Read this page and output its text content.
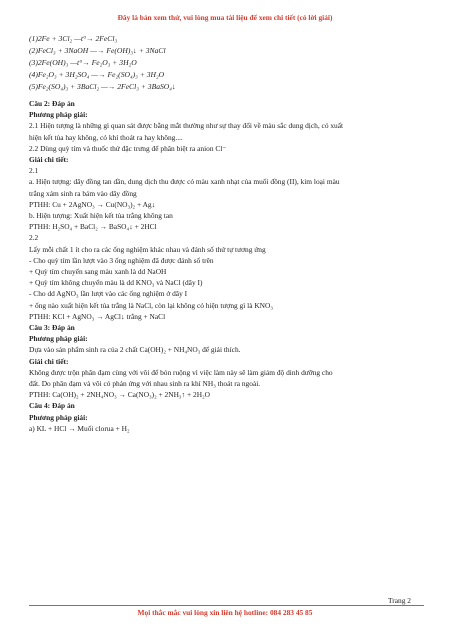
Đây là bản xem thử, vui lòng mua tài liệu để xem chi tiết (có lời giải)
(1)2Fe + 3Cl₂ —t°→ 2FeCl₃
(2)FeCl₃ + 3NaOH —→ Fe(OH)₃↓ + 3NaCl
(3)2Fe(OH)₃ —t°→ Fe₂O₃ + 3H₂O
(4)Fe₂O₃ + 3H₂SO₄ —→ Fe₂(SO₄)₃ + 3H₂O
(5)Fe₂(SO₄)₃ + 3BaCl₂ —→ 2FeCl₃ + 3BaSO₄↓
Câu 2: Đáp án
Phương pháp giải:
2.1 Hiện tượng là những gì quan sát được bằng mắt thường như sự thay đổi về màu sắc dung dịch, có xuất
hiện kết tủa hay không, có khí thoát ra hay không....
2.2 Dùng quỳ tím và thuốc thử đặc trưng để phân biệt ra anion Cl⁻
Giải chi tiết:
2.1
a. Hiện tượng: dây đồng tan dần, dung dịch thu được có màu xanh nhạt của muối đồng (II), kim loại màu
trắng xám sinh ra bám vào dây đồng
PTHH: Cu + 2AgNO₃ → Cu(NO₃)₂ + Ag↓
b. Hiện tượng: Xuất hiện kết tủa trắng không tan
PTHH: H₂SO₄ + BaCl₂ → BaSO₄↓ + 2HCl
2.2
Lấy mỗi chất 1 ít cho ra các ống nghiệm khác nhau và đánh số thứ tự tương ứng
- Cho quỳ tím lần lượt vào 3 ống nghiệm đã được đánh số trên
+ Quỳ tím chuyển sang màu xanh là dd NaOH
+ Quỳ tím không chuyển màu là dd KNO₃ và NaCl (dãy I)
- Cho dd AgNO₃ lần lượt vào các ống nghiệm ở dãy I
+ ống nào xuất hiện kết tủa trắng là NaCl, còn lại không có hiện tượng gì là KNO₃
PTHH: KCl + AgNO₃ → AgCl↓ trắng + NaCl
Câu 3: Đáp án
Phương pháp giải:
Dựa vào sản phẩm sinh ra của 2 chất Ca(OH)₂ + NH₄NO₃ để giải thích.
Giải chi tiết:
Không được trộn phân đạm cùng với vôi để bón ruộng vì việc làm này sẽ làm giảm độ dinh dưỡng cho
đất. Do phân đạm và vôi có phản ứng với nhau sinh ra khí NH₃ thoát ra ngoài.
PTHH: Ca(OH)₂ + 2NH₄NO₃ → Ca(NO₃)₂ + 2NH₃↑ + 2H₂O
Câu 4: Đáp án
Phương pháp giải:
a) KL + HCl → Muối clorua + H₂
Trang 2
Mọi thắc mắc vui lòng xin liên hệ hotline: 084 283 45 85
